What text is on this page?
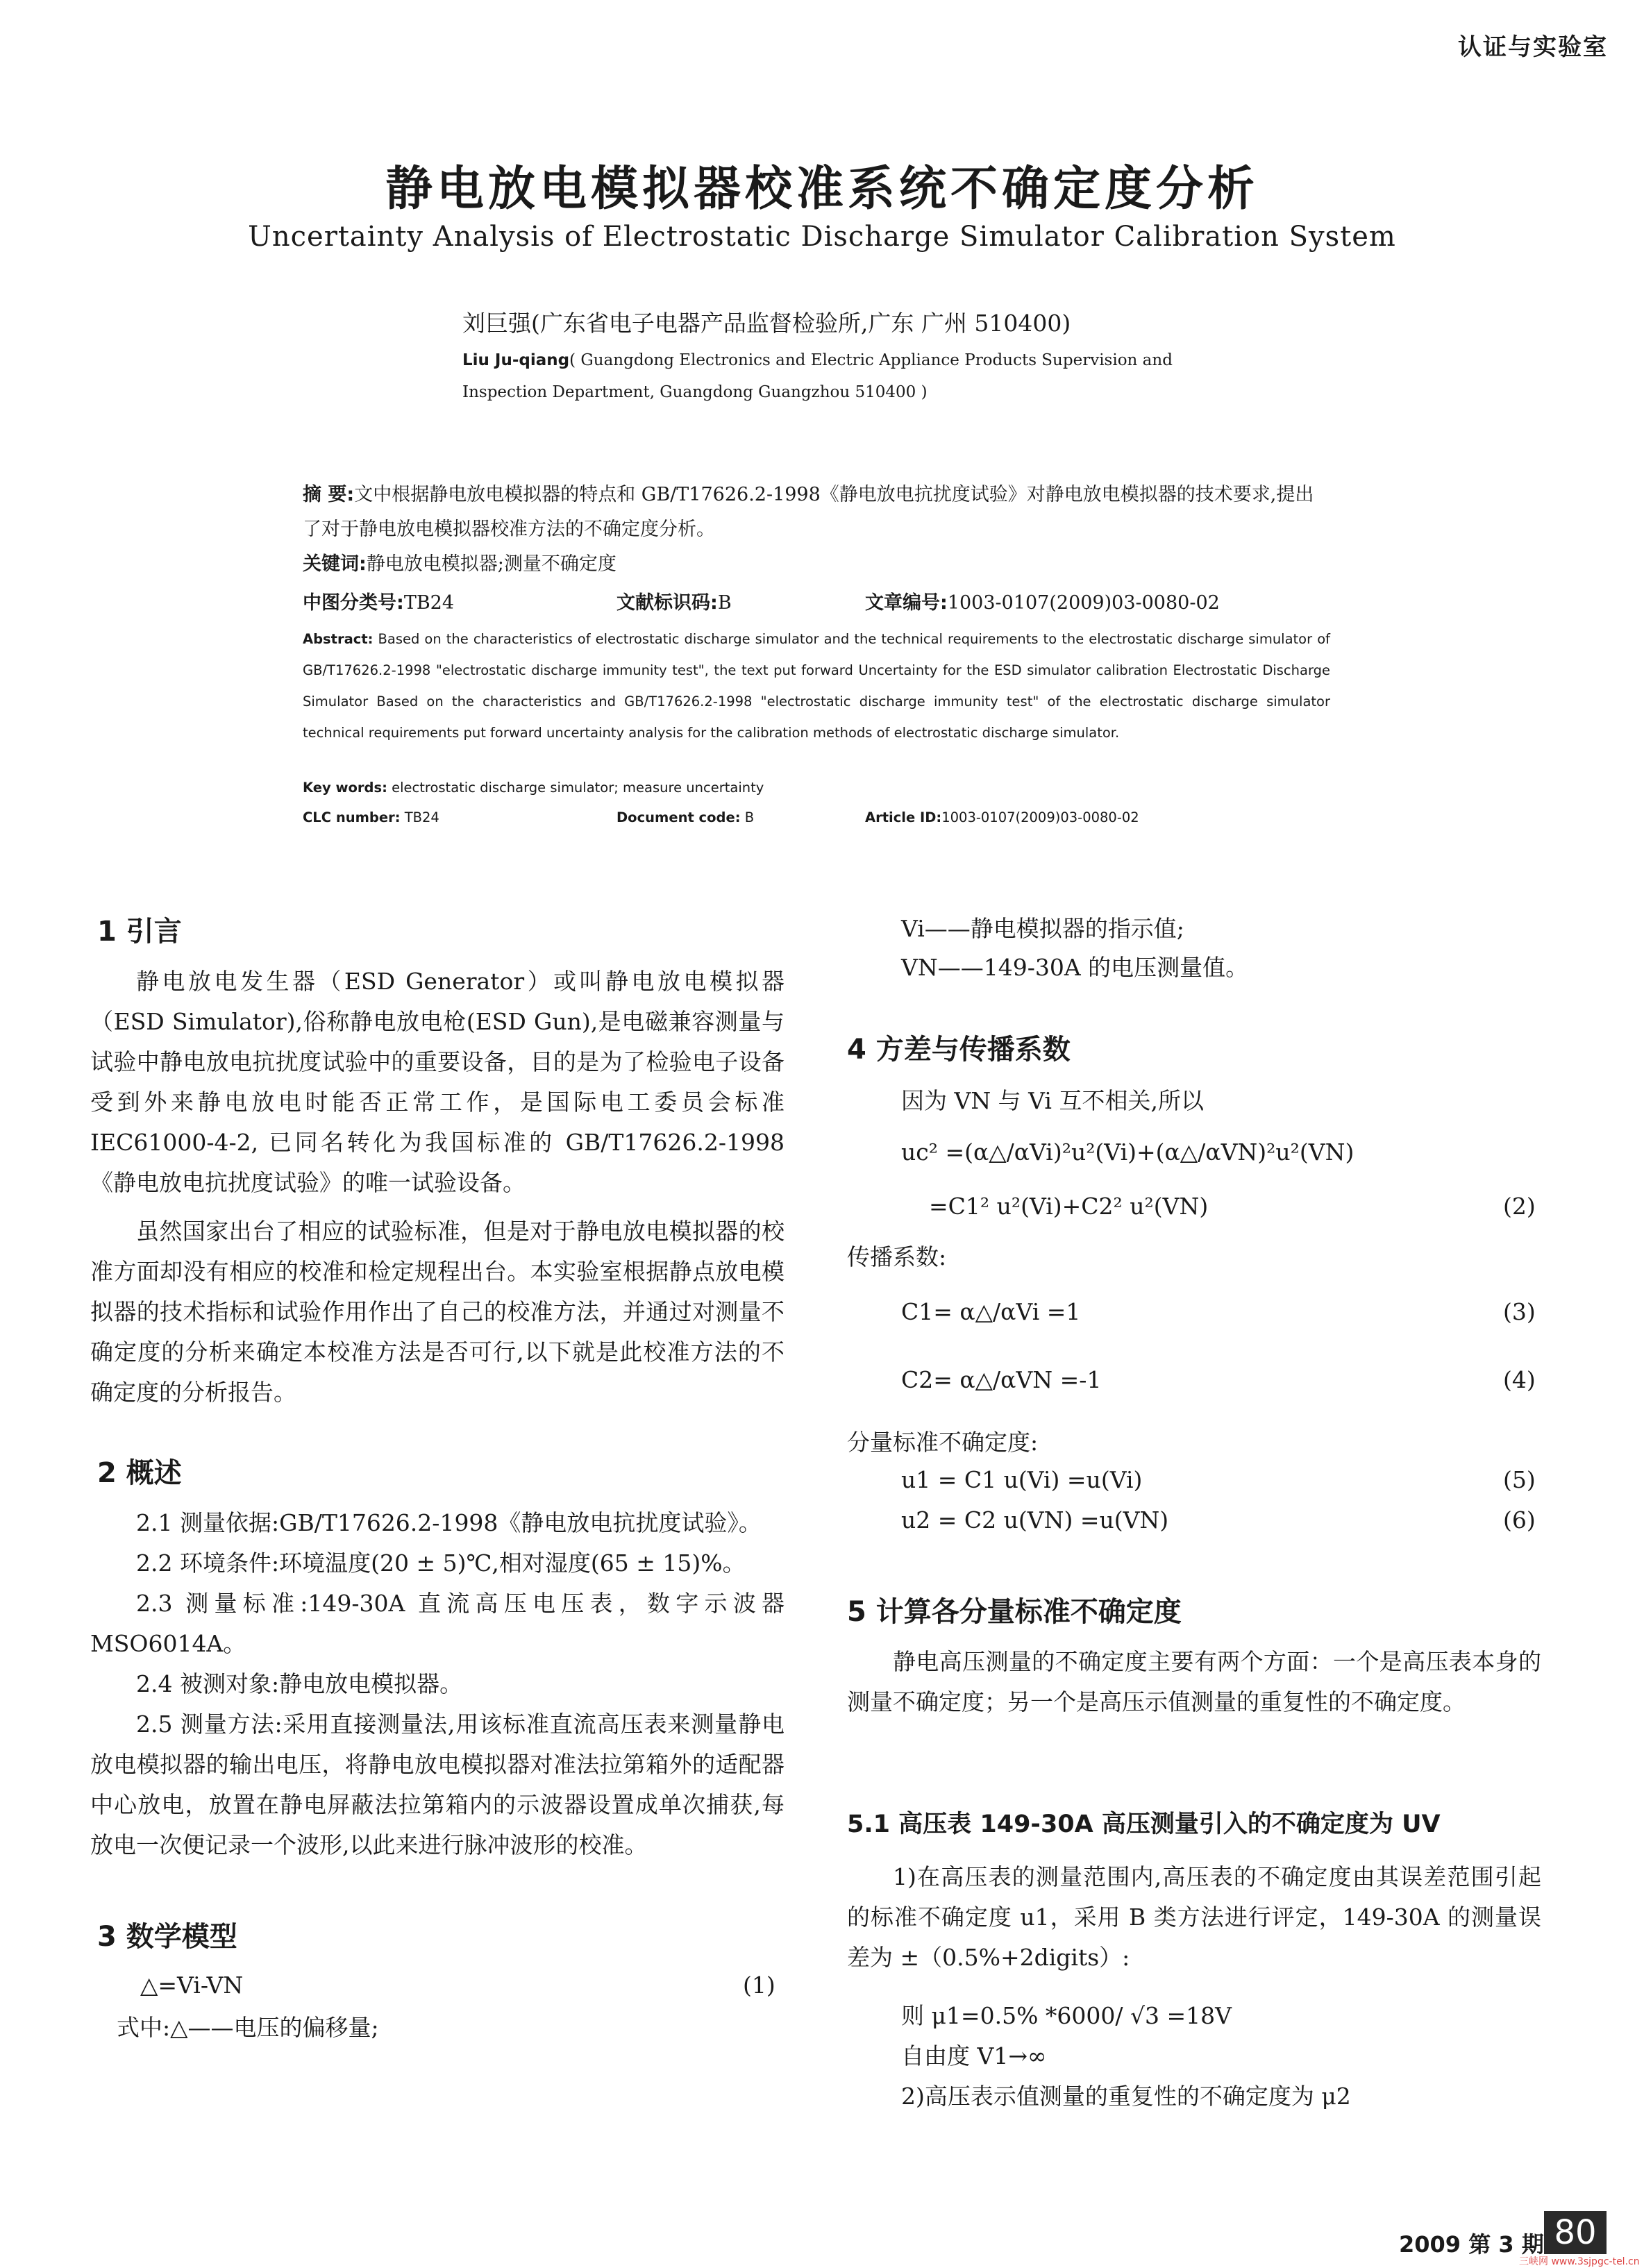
认证与实验室
静电放电模拟器校准系统不确定度分析
Uncertainty Analysis of Electrostatic Discharge Simulator Calibration System
刘巨强(广东省电子电器产品监督检验所,广东 广州 510400)
Liu Ju-qiang( Guangdong Electronics and Electric Appliance Products Supervision and
Inspection Department, Guangdong Guangzhou 510400 )
摘 要:文中根据静电放电模拟器的特点和 GB/T17626.2-1998《静电放电抗扰度试验》对静电放电模拟器的技术要求,提出了对于静电放电模拟器校准方法的不确定度分析。
关键词:静电放电模拟器;测量不确定度
中图分类号:TB24	文献标识码:B	文章编号:1003-0107(2009)03-0080-02
Abstract: Based on the characteristics of electrostatic discharge simulator and the technical requirements to the electrostatic discharge simulator of GB/T17626.2-1998 "electrostatic discharge immunity test", the text put forward Uncertainty for the ESD simulator calibration Electrostatic Discharge Simulator Based on the characteristics and GB/T17626.2-1998 "electrostatic discharge immunity test" of the electrostatic discharge simulator technical requirements put forward uncertainty analysis for the calibration methods of electrostatic discharge simulator.
Key words: electrostatic discharge simulator; measure uncertainty
CLC number: TB24	Document code: B	Article ID:1003-0107(2009)03-0080-02
1 引言
静电放电发生器（ESD Generator）或叫静电放电模拟器（ESD Simulator),俗称静电放电枪(ESD Gun),是电磁兼容测量与试验中静电放电抗扰度试验中的重要设备，目的是为了检验电子设备受到外来静电放电时能否正常工作，是国际电工委员会标准 IEC61000-4-2, 已同名转化为我国标准的 GB/T17626.2-1998《静电放电抗扰度试验》的唯一试验设备。
虽然国家出台了相应的试验标准，但是对于静电放电模拟器的校准方面却没有相应的校准和检定规程出台。本实验室根据静点放电模拟器的技术指标和试验作用作出了自己的校准方法，并通过对测量不确定度的分析来确定本校准方法是否可行,以下就是此校准方法的不确定度的分析报告。
2 概述
2.1 测量依据:GB/T17626.2-1998《静电放电抗扰度试验》。
2.2 环境条件:环境温度(20 ± 5)℃,相对湿度(65 ± 15)%。
2.3 测量标准:149-30A 直流高压电压表，数字示波器 MSO6014A。
2.4 被测对象:静电放电模拟器。
2.5 测量方法:采用直接测量法,用该标准直流高压表来测量静电放电模拟器的输出电压，将静电放电模拟器对准法拉第箱外的适配器中心放电，放置在静电屏蔽法拉第箱内的示波器设置成单次捕获,每放电一次便记录一个波形,以此来进行脉冲波形的校准。
3 数学模型
△=Vi-VN	(1)
式中:△——电压的偏移量;
Vi——静电模拟器的指示值;
VN——149-30A 的电压测量值。
4 方差与传播系数
因为 VN 与 Vi 互不相关,所以
uc² =(α△/αVi)²u²(Vi)+(α△/αVN)²u²(VN)
=C1² u²(Vi)+C2² u²(VN)	(2)
传播系数:
C1= α△/αVi =1	(3)
C2= α△/αVN =-1	(4)
分量标准不确定度:
u1 = C1 u(Vi) =u(Vi)	(5)
u2 = C2 u(VN) =u(VN)	(6)
5 计算各分量标准不确定度
静电高压测量的不确定度主要有两个方面：一个是高压表本身的测量不确定度；另一个是高压示值测量的重复性的不确定度。
5.1 高压表 149-30A 高压测量引入的不确定度为 UV
1)在高压表的测量范围内,高压表的不确定度由其误差范围引起的标准不确定度 u1，采用 B 类方法进行评定，149-30A 的测量误差为 ±（0.5%+2digits）:
则 μ1=0.5% *6000/ √3 =18V
自由度 V1→∞
2)高压表示值测量的重复性的不确定度为 μ2
2009 第 3 期 80
三峡网 www.3sjpgc-tel.cn
